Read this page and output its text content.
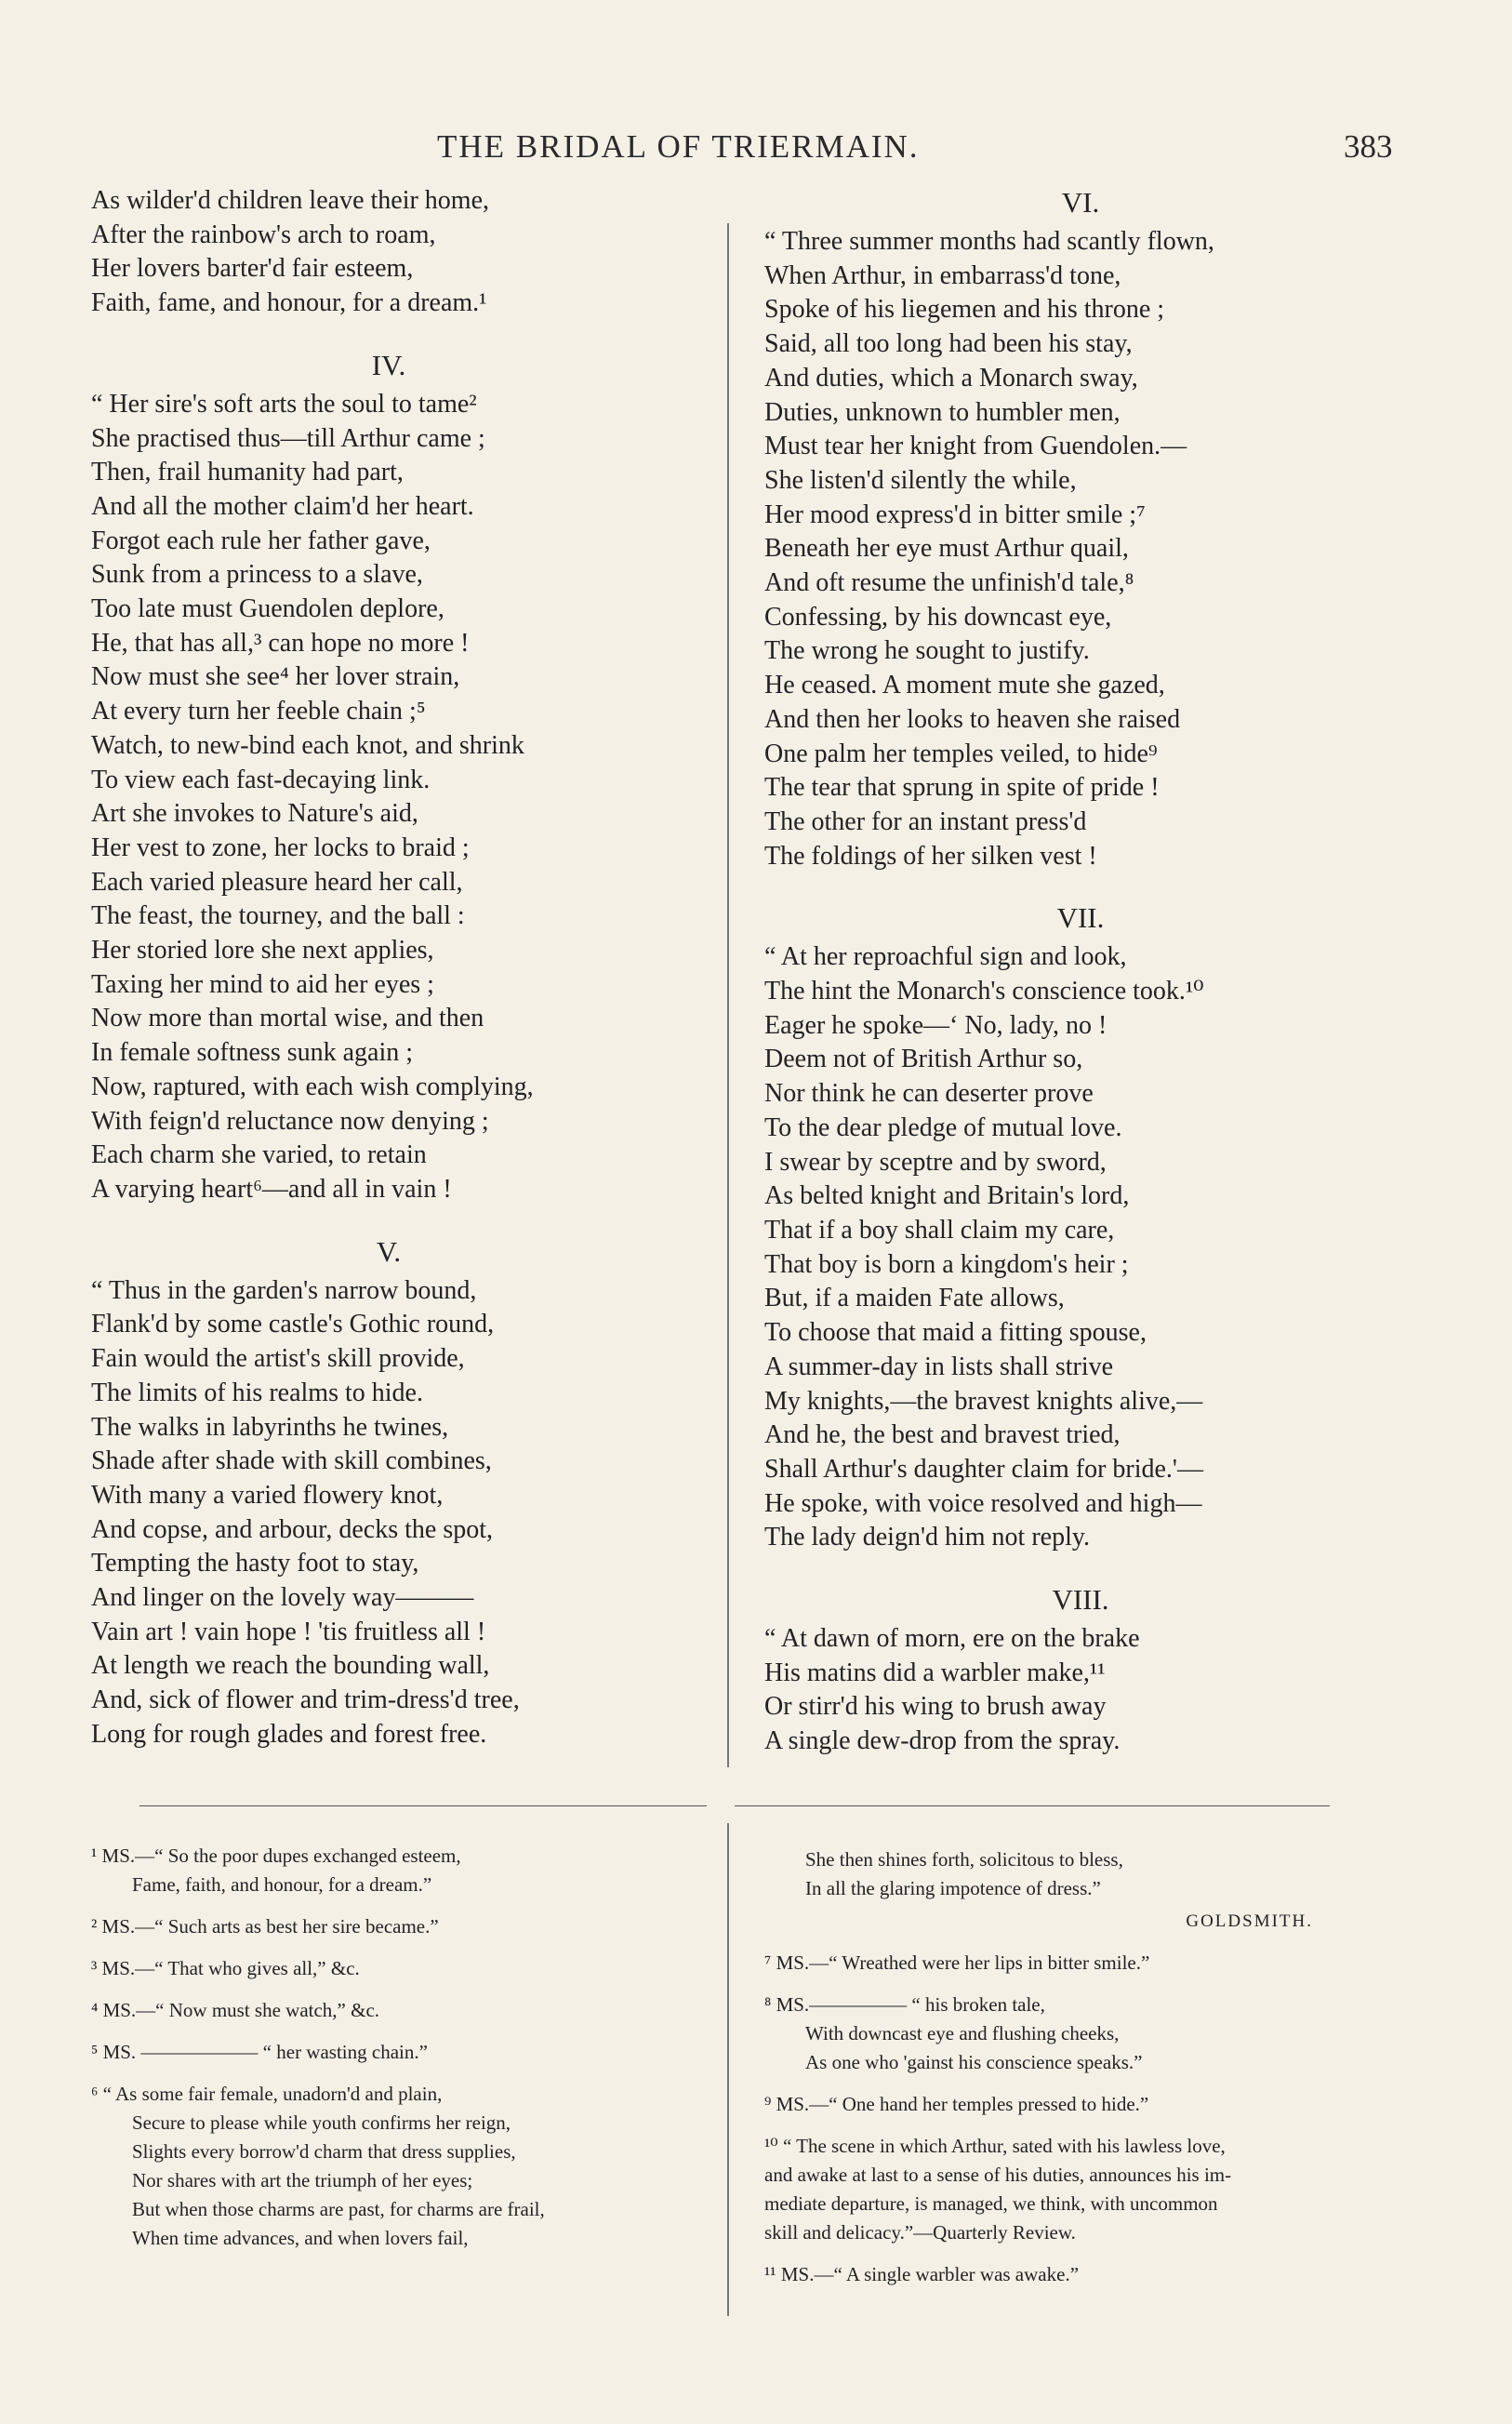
THE BRIDAL OF TRIERMAIN.	383
As wilder'd children leave their home,
After the rainbow's arch to roam,
Her lovers barter'd fair esteem,
Faith, fame, and honour, for a dream.¹
IV.
“ Her sire's soft arts the soul to tame²
She practised thus—till Arthur came ;
Then, frail humanity had part,
And all the mother claim'd her heart.
Forgot each rule her father gave,
Sunk from a princess to a slave,
Too late must Guendolen deplore,
He, that has all,³ can hope no more !
Now must she see⁴ her lover strain,
At every turn her feeble chain ;⁵
Watch, to new-bind each knot, and shrink
To view each fast-decaying link.
Art she invokes to Nature's aid,
Her vest to zone, her locks to braid ;
Each varied pleasure heard her call,
The feast, the tourney, and the ball :
Her storied lore she next applies,
Taxing her mind to aid her eyes ;
Now more than mortal wise, and then
In female softness sunk again ;
Now, raptured, with each wish complying,
With feign'd reluctance now denying ;
Each charm she varied, to retain
A varying heart⁶—and all in vain !
V.
“ Thus in the garden's narrow bound,
Flank'd by some castle's Gothic round,
Fain would the artist's skill provide,
The limits of his realms to hide.
The walks in labyrinths he twines,
Shade after shade with skill combines,
With many a varied flowery knot,
And copse, and arbour, decks the spot,
Tempting the hasty foot to stay,
And linger on the lovely way———
Vain art ! vain hope ! 'tis fruitless all !
At length we reach the bounding wall,
And, sick of flower and trim-dress'd tree,
Long for rough glades and forest free.
VI.
“ Three summer months had scantly flown,
When Arthur, in embarrass'd tone,
Spoke of his liegemen and his throne ;
Said, all too long had been his stay,
And duties, which a Monarch sway,
Duties, unknown to humbler men,
Must tear her knight from Guendolen.—
She listen'd silently the while,
Her mood express'd in bitter smile ;⁷
Beneath her eye must Arthur quail,
And oft resume the unfinish'd tale,⁸
Confessing, by his downcast eye,
The wrong he sought to justify.
He ceased. A moment mute she gazed,
And then her looks to heaven she raised
One palm her temples veiled, to hide⁹
The tear that sprung in spite of pride !
The other for an instant press'd
The foldings of her silken vest !
VII.
“ At her reproachful sign and look,
The hint the Monarch's conscience took.¹⁰
Eager he spoke—‘ No, lady, no !
Deem not of British Arthur so,
Nor think he can deserter prove
To the dear pledge of mutual love.
I swear by sceptre and by sword,
As belted knight and Britain's lord,
That if a boy shall claim my care,
That boy is born a kingdom's heir ;
But, if a maiden Fate allows,
To choose that maid a fitting spouse,
A summer-day in lists shall strive
My knights,—the bravest knights alive,—
And he, the best and bravest tried,
Shall Arthur's daughter claim for bride.'—
He spoke, with voice resolved and high—
The lady deign'd him not reply.
VIII.
“ At dawn of morn, ere on the brake
His matins did a warbler make,¹¹
Or stirr'd his wing to brush away
A single dew-drop from the spray.
¹ MS.—“ So the poor dupes exchanged esteem,
Fame, faith, and honour, for a dream.”
² MS.—“ Such arts as best her sire became.”
³ MS.—“ That who gives all,” &c.
⁴ MS.—“ Now must she watch,” &c.
⁵ MS. —————— “ her wasting chain.”
⁶ “ As some fair female, unadorn'd and plain,
Secure to please while youth confirms her reign,
Slights every borrow'd charm that dress supplies,
Nor shares with art the triumph of her eyes;
But when those charms are past, for charms are frail,
When time advances, and when lovers fail,
She then shines forth, solicitous to bless,
In all the glaring impotence of dress.”
GOLDSMITH.
⁷ MS.—“ Wreathed were her lips in bitter smile.”
⁸ MS.————— “ his broken tale,
With downcast eye and flushing cheeks,
As one who 'gainst his conscience speaks.”
⁹ MS.—“ One hand her temples pressed to hide.”
¹⁰ “ The scene in which Arthur, sated with his lawless love,
and awake at last to a sense of his duties, announces his im-
mediate departure, is managed, we think, with uncommon
skill and delicacy.”—Quarterly Review.
¹¹ MS.—“ A single warbler was awake.”
